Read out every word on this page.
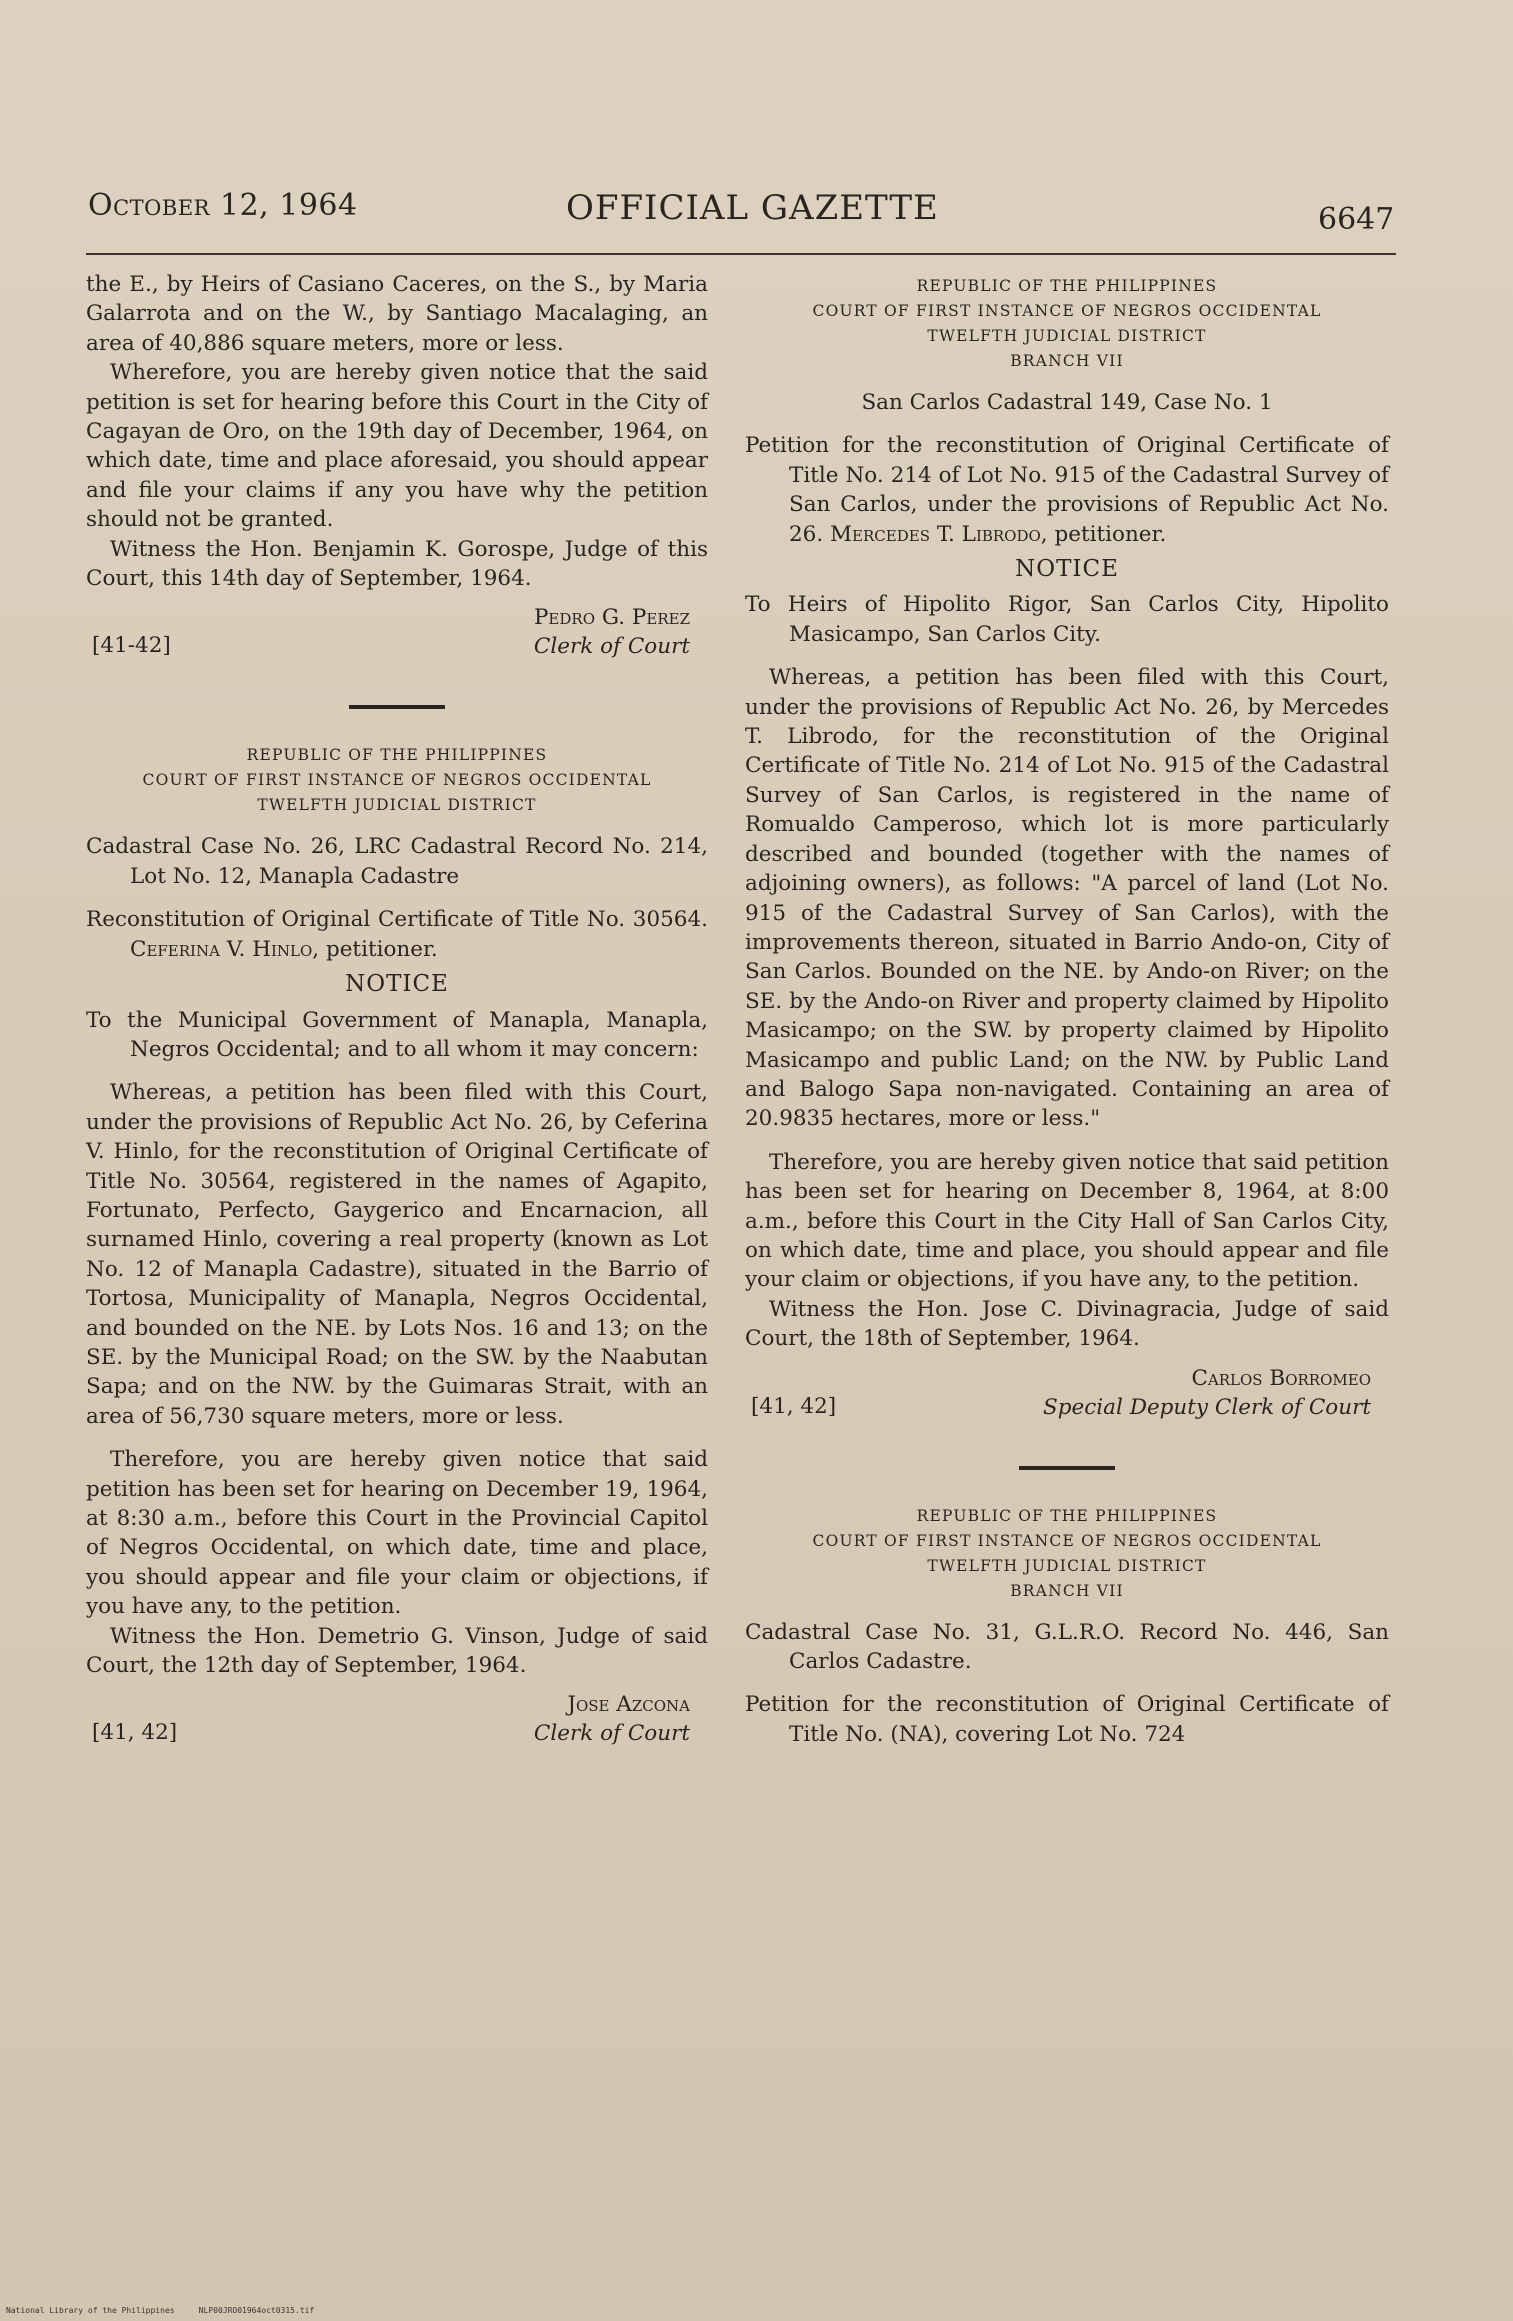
October 12, 1964	OFFICIAL GAZETTE	6647

the E., by Heirs of Casiano Caceres, on the S., by Maria Galarrota and on the W., by Santiago Macalaging, an area of 40,886 square meters, more or less.

Wherefore, you are hereby given notice that the said petition is set for hearing before this Court in the City of Cagayan de Oro, on the 19th day of December, 1964, on which date, time and place aforesaid, you should appear and file your claims if any you have why the petition should not be granted.

Witness the Hon. Benjamin K. Gorospe, Judge of this Court, this 14th day of September, 1964.

[41-42]
Pedro G. Perez
Clerk of Court
REPUBLIC OF THE PHILIPPINES
COURT OF FIRST INSTANCE OF NEGROS OCCIDENTAL
TWELFTH JUDICIAL DISTRICT

Cadastral Case No. 26, LRC Cadastral Record No. 214, Lot No. 12, Manapla Cadastre

Reconstitution of Original Certificate of Title No. 30564. Ceferina V. Hinlo, petitioner.

NOTICE

To the Municipal Government of Manapla, Manapla, Negros Occidental; and to all whom it may concern:

Whereas, a petition has been filed with this Court, under the provisions of Republic Act No. 26, by Ceferina V. Hinlo, for the reconstitution of Original Certificate of Title No. 30564, registered in the names of Agapito, Fortunato, Perfecto, Gaygerico and Encarnacion, all surnamed Hinlo, covering a real property (known as Lot No. 12 of Manapla Cadastre), situated in the Barrio of Tortosa, Municipality of Manapla, Negros Occidental, and bounded on the NE. by Lots Nos. 16 and 13; on the SE. by the Municipal Road; on the SW. by the Naabutan Sapa; and on the NW. by the Guimaras Strait, with an area of 56,730 square meters, more or less.

Therefore, you are hereby given notice that said petition has been set for hearing on December 19, 1964, at 8:30 a.m., before this Court in the Provincial Capitol of Negros Occidental, on which date, time and place, you should appear and file your claim or objections, if you have any, to the petition.

Witness the Hon. Demetrio G. Vinson, Judge of said Court, the 12th day of September, 1964.

[41, 42]
Jose Azcona
Clerk of Court
REPUBLIC OF THE PHILIPPINES
COURT OF FIRST INSTANCE OF NEGROS OCCIDENTAL
TWELFTH JUDICIAL DISTRICT
BRANCH VII

San Carlos Cadastral 149, Case No. 1

Petition for the reconstitution of Original Certificate of Title No. 214 of Lot No. 915 of the Cadastral Survey of San Carlos, under the provisions of Republic Act No. 26. Mercedes T. Librodo, petitioner.

NOTICE

To Heirs of Hipolito Rigor, San Carlos City, Hipolito Masicampo, San Carlos City.

Whereas, a petition has been filed with this Court, under the provisions of Republic Act No. 26, by Mercedes T. Librodo, for the reconstitution of the Original Certificate of Title No. 214 of Lot No. 915 of the Cadastral Survey of San Carlos, is registered in the name of Romualdo Camperoso, which lot is more particularly described and bounded (together with the names of adjoining owners), as follows: "A parcel of land (Lot No. 915 of the Cadastral Survey of San Carlos), with the improvements thereon, situated in Barrio Ando-on, City of San Carlos. Bounded on the NE. by Ando-on River; on the SE. by the Ando-on River and property claimed by Hipolito Masicampo; on the SW. by property claimed by Hipolito Masicampo and public Land; on the NW. by Public Land and Balogo Sapa non-navigated. Containing an area of 20.9835 hectares, more or less."

Therefore, you are hereby given notice that said petition has been set for hearing on December 8, 1964, at 8:00 a.m., before this Court in the City Hall of San Carlos City, on which date, time and place, you should appear and file your claim or objections, if you have any, to the petition.

Witness the Hon. Jose C. Divinagracia, Judge of said Court, the 18th of September, 1964.

[41, 42]
Carlos Borromeo
Special Deputy Clerk of Court
REPUBLIC OF THE PHILIPPINES
COURT OF FIRST INSTANCE OF NEGROS OCCIDENTAL
TWELFTH JUDICIAL DISTRICT
BRANCH VII

Cadastral Case No. 31, G.L.R.O. Record No. 446, San Carlos Cadastre.

Petition for the reconstitution of Original Certificate of Title No. (NA), covering Lot No. 724

National Library of the Philippines	NLP00JRO01964oct0315.tif
